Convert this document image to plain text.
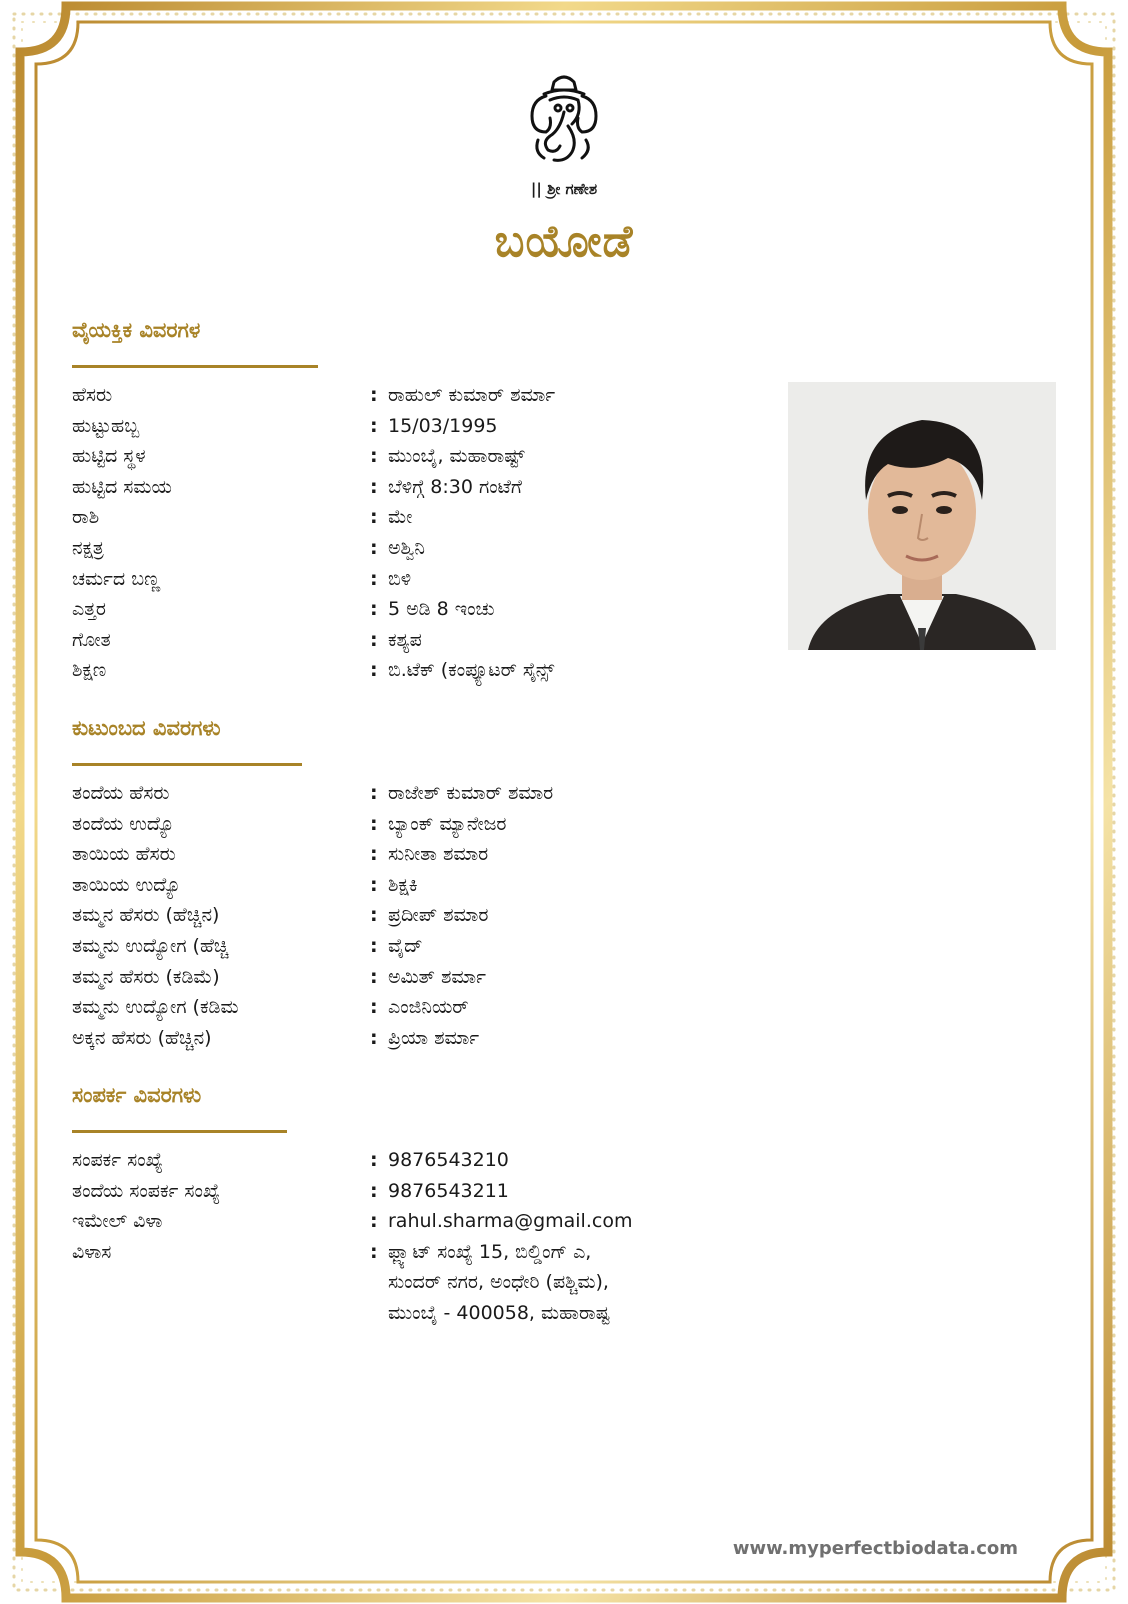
|| ಶ್ರೀ ಗಣೇಶ
ಬಯೋಡೆ
ವೈಯಕ್ತಿಕ ವಿವರಗಳ
ಹೆಸರು	: ರಾಹುಲ್ ಕುಮಾರ್ ಶರ್ಮಾ
ಹುಟ್ಟುಹಬ್ಬ	: 15/03/1995
ಹುಟ್ಟಿದ ಸ್ಥಳ	: ಮುಂಬೈ, ಮಹಾರಾಷ್ಟ್
ಹುಟ್ಟಿದ ಸಮಯ	: ಬೆಳಿಗ್ಗೆ 8:30 ಗಂಟೆಗೆ
ರಾಶಿ	: ಮೇ
ನಕ್ಷತ್ರ	: ಅಶ್ವಿನಿ
ಚರ್ಮದ ಬಣ್ಣ	: ಬಿಳಿ
ಎತ್ತರ	: 5 ಅಡಿ 8 ಇಂಚು
ಗೋತ	: ಕಶ್ಯಪ
ಶಿಕ್ಷಣ	: ಬಿ.ಟೆಕ್ (ಕಂಪ್ಯೂಟರ್ ಸೈನ್ಸ್
ಕುಟುಂಬದ ವಿವರಗಳು
ತಂದೆಯ ಹೆಸರು	: ರಾಜೇಶ್ ಕುಮಾರ್ ಶಮಾರ
ತಂದೆಯ ಉದ್ಯೊ	: ಬ್ಯಾಂಕ್ ಮ್ಯಾನೇಜರ
ತಾಯಿಯ ಹೆಸರು	: ಸುನೀತಾ ಶಮಾರ
ತಾಯಿಯ ಉದ್ಯೊ	: ಶಿಕ್ಷಕಿ
ತಮ್ಮನ ಹೆಸರು (ಹೆಚ್ಚಿನ)	: ಪ್ರದೀಪ್ ಶಮಾರ
ತಮ್ಮನು ಉದ್ಯೋಗ (ಹೆಚ್ಚಿ	: ವೈದ್
ತಮ್ಮನ ಹೆಸರು (ಕಡಿಮೆ)	: ಅಮಿತ್ ಶರ್ಮಾ
ತಮ್ಮನು ಉದ್ಯೋಗ (ಕಡಿಮ	: ಎಂಜಿನಿಯರ್
ಅಕ್ಕನ ಹೆಸರು (ಹೆಚ್ಚಿನ)	: ಪ್ರಿಯಾ ಶರ್ಮಾ
ಸಂಪರ್ಕ ವಿವರಗಳು
ಸಂಪರ್ಕ ಸಂಖ್ಯೆ	: 9876543210
ತಂದೆಯ ಸಂಪರ್ಕ ಸಂಖ್ಯೆ	: 9876543211
ಇಮೇಲ್ ವಿಳಾ	: rahul.sharma@gmail.com
ವಿಳಾಸ	: ಫ್ಲ್ಯಾಟ್ ಸಂಖ್ಯೆ 15, ಬಿಲ್ಡಿಂಗ್ ಎ,
ಸುಂದರ್ ನಗರ, ಅಂಧೇರಿ (ಪಶ್ಚಿಮ),
ಮುಂಬೈ - 400058, ಮಹಾರಾಷ್ಟ
www.myperfectbiodata.com
